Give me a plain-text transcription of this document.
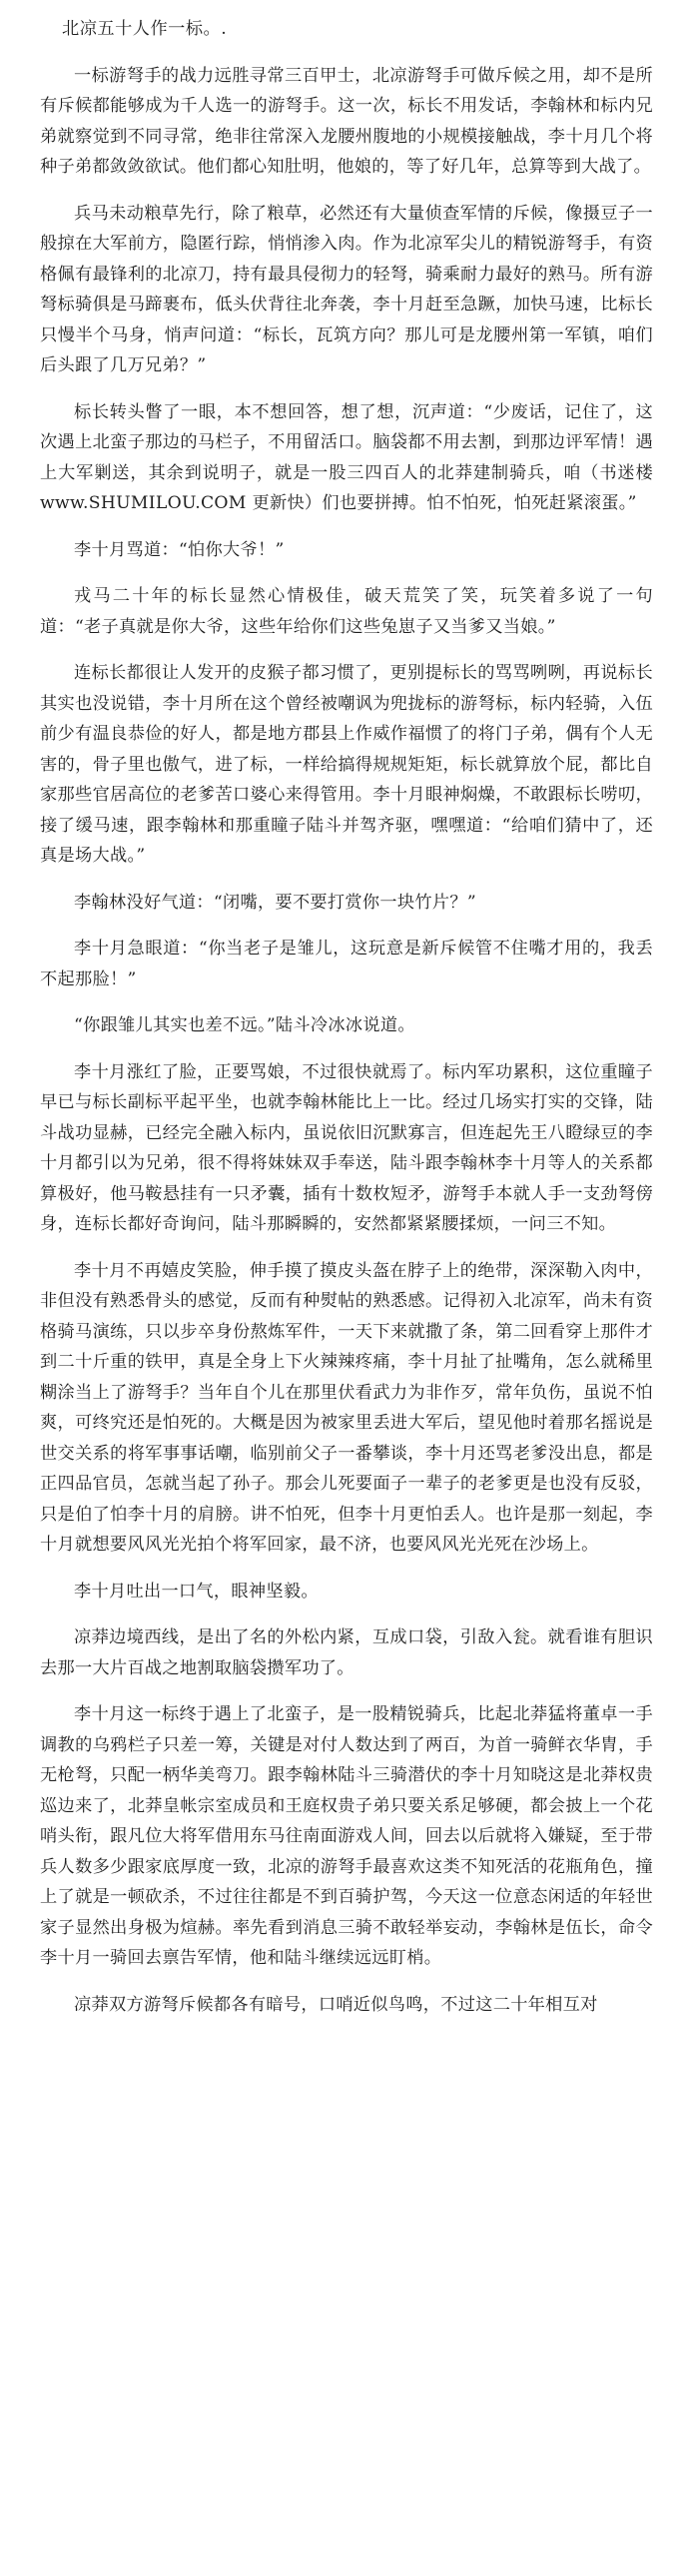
北凉五十人作一标。.

一标游弩手的战力远胜寻常三百甲士，北凉游弩手可做斥候之用，却不是所有斥候都能够成为千人选一的游弩手。这一次，标长不用发话，李翰林和标内兄弟就察觉到不同寻常，绝非往常深入龙腰州腹地的小规模接触战，李十月几个将种子弟都敛敛欲试。他们都心知肚明，他娘的，等了好几年，总算等到大战了。

兵马未动粮草先行，除了粮草，必然还有大量侦查军情的斥候，像摄豆子一般掠在大军前方，隐匿行踪，悄悄渗入肉。作为北凉军尖儿的精锐游弩手，有资格佩有最锋利的北凉刀，持有最具侵彻力的轻弩，骑乘耐力最好的熟马。所有游弩标骑俱是马蹄裹布，低头伏背往北奔袭，李十月赶至急蹶，加快马速，比标长只慢半个马身，悄声问道：“标长，瓦筑方向？那儿可是龙腰州第一军镇，咱们后头跟了几万兄弟？”

标长转头瞥了一眼，本不想回答，想了想，沉声道：“少废话，记住了，这次遇上北蛮子那边的马栏子，不用留活口。脑袋都不用去割，到那边评军情！遇上大军剿送，其余到说明子，就是一股三四百人的北莽建制骑兵，咱（书迷楼www.SHUMILOU.COM 更新快）们也要拼搏。怕不怕死，怕死赶紧滚蛋。”

李十月骂道：“怕你大爷！”

戎马二十年的标长显然心情极佳，破天荒笑了笑，玩笑着多说了一句道：“老子真就是你大爷，这些年给你们这些兔崽子又当爹又当娘。”

连标长都很让人发开的皮猴子都习惯了，更别提标长的骂骂咧咧，再说标长其实也没说错，李十月所在这个曾经被嘲讽为兜拢标的游弩标，标内轻骑，入伍前少有温良恭俭的好人，都是地方郡县上作威作福惯了的将门子弟，偶有个人无害的，骨子里也傲气，进了标，一样给搞得规规矩矩，标长就算放个屁，都比自家那些官居高位的老爹苦口婆心来得管用。李十月眼神焖燥，不敢跟标长唠叨，接了缓马速，跟李翰林和那重瞳子陆斗并驾齐驱，嘿嘿道：“给咱们猜中了，还真是场大战。”

李翰林没好气道：“闭嘴，要不要打赏你一块竹片？”

李十月急眼道：“你当老子是雏儿，这玩意是新斥候管不住嘴才用的，我丢不起那脸！”

“你跟雏儿其实也差不远。”陆斗冷冰冰说道。

李十月涨红了脸，正要骂娘，不过很快就焉了。标内军功累积，这位重瞳子早已与标长副标平起平坐，也就李翰林能比上一比。经过几场实打实的交锋，陆斗战功显赫，已经完全融入标内，虽说依旧沉默寡言，但连起先王八瞪绿豆的李十月都引以为兄弟，很不得将妹妹双手奉送，陆斗跟李翰林李十月等人的关系都算极好，他马鞍悬挂有一只矛囊，插有十数枚短矛，游弩手本就人手一支劲弩傍身，连标长都好奇询问，陆斗那瞬瞬的，安然都紧紧腰揉烦，一问三不知。

李十月不再嬉皮笑脸，伸手摸了摸皮头盔在脖子上的绝带，深深勒入肉中，非但没有熟悉骨头的感觉，反而有种熨帖的熟悉感。记得初入北凉军，尚未有资格骑马演练，只以步卒身份熬炼军件，一天下来就撒了条，第二回看穿上那件才到二十斤重的铁甲，真是全身上下火辣辣疼痛，李十月扯了扯嘴角，怎么就稀里糊涂当上了游弩手？当年自个儿在那里伏看武力为非作歹，常年负伤，虽说不怕爽，可终究还是怕死的。大概是因为被家里丢进大军后，望见他时着那名摇说是世交关系的将军事事话嘲，临别前父子一番攀谈，李十月还骂老爹没出息，都是正四品官员，怎就当起了孙子。那会儿死要面子一辈子的老爹更是也没有反驳，只是伯了怕李十月的肩膀。讲不怕死，但李十月更怕丢人。也许是那一刻起，李十月就想要风风光光拍个将军回家，最不济，也要风风光光死在沙场上。

李十月吐出一口气，眼神坚毅。

凉莽边境西线，是出了名的外松内紧，互成口袋，引敌入瓮。就看谁有胆识去那一大片百战之地割取脑袋攒军功了。

李十月这一标终于遇上了北蛮子，是一股精锐骑兵，比起北莽猛将董卓一手调教的乌鸦栏子只差一筹，关键是对付人数达到了两百，为首一骑鲜衣华胄，手无枪弩，只配一柄华美弯刀。跟李翰林陆斗三骑潜伏的李十月知晓这是北莽权贵巡边来了，北莽皇帐宗室成员和王庭权贵子弟只要关系足够硬，都会披上一个花哨头衔，跟凡位大将军借用东马往南面游戏人间，回去以后就将入嫌疑，至于带兵人数多少跟家底厚度一致，北凉的游弩手最喜欢这类不知死活的花瓶角色，撞上了就是一顿砍杀，不过往往都是不到百骑护驾，今天这一位意态闲适的年轻世家子显然出身极为煊赫。率先看到消息三骑不敢轻举妄动，李翰林是伍长，命令李十月一骑回去禀告军情，他和陆斗继续远远盯梢。

凉莽双方游弩斥候都各有暗号，口哨近似鸟鸣，不过这二十年相互对
